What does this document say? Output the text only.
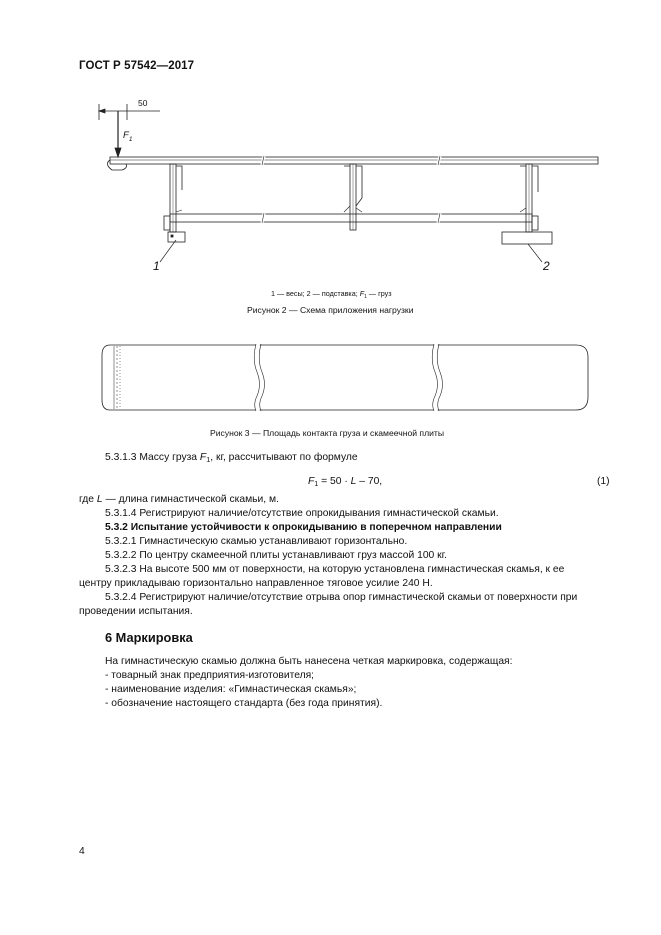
ГОСТ Р 57542—2017
50
$F_1$
1	2
1 — весы; 2 — подставка; $F_1$ — груз
Рисунок 2 — Схема приложения нагрузки
Рисунок 3 — Площадь контакта груза и скамеечной плиты
5.3.1.3 Массу груза $F_1$, кг, рассчитывают по формуле
$F_1 = 50 \cdot L - 70$,	(1)
где L — длина гимнастической скамьи, м.
5.3.1.4 Регистрируют наличие/отсутствие опрокидывания гимнастической скамьи.
5.3.2 Испытание устойчивости к опрокидыванию в поперечном направлении
5.3.2.1 Гимнастическую скамью устанавливают горизонтально.
5.3.2.2 По центру скамеечной плиты устанавливают груз массой 100 кг.
5.3.2.3 На высоте 500 мм от поверхности, на которую установлена гимнастическая скамья, к ее
центру прикладываю горизонтально направленное тяговое усилие 240 Н.
5.3.2.4 Регистрируют наличие/отсутствие отрыва опор гимнастической скамьи от поверхности при
проведении испытания.
6 Маркировка
На гимнастическую скамью должна быть нанесена четкая маркировка, содержащая:
- товарный знак предприятия-изготовителя;
- наименование изделия: «Гимнастическая скамья»;
- обозначение настоящего стандарта (без года принятия).
4
